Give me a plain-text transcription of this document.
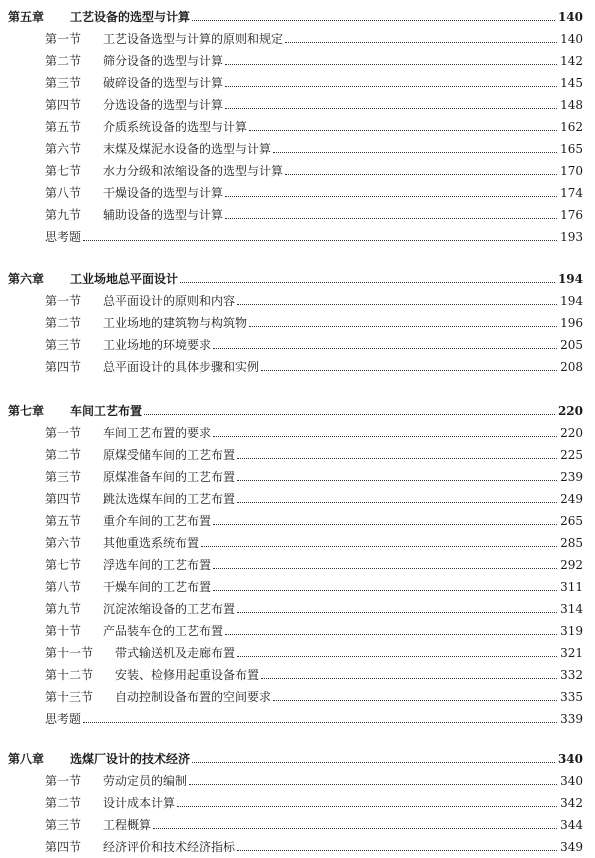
第五章	工艺设备的选型与计算	140
第一节	工艺设备选型与计算的原则和规定	140
第二节	筛分设备的选型与计算	142
第三节	破碎设备的选型与计算	145
第四节	分选设备的选型与计算	148
第五节	介质系统设备的选型与计算	162
第六节	末煤及煤泥水设备的选型与计算	165
第七节	水力分级和浓缩设备的选型与计算	170
第八节	干燥设备的选型与计算	174
第九节	辅助设备的选型与计算	176
思考题	193
第六章	工业场地总平面设计	194
第一节	总平面设计的原则和内容	194
第二节	工业场地的建筑物与构筑物	196
第三节	工业场地的环境要求	205
第四节	总平面设计的具体步骤和实例	208
第七章	车间工艺布置	220
第一节	车间工艺布置的要求	220
第二节	原煤受储车间的工艺布置	225
第三节	原煤准备车间的工艺布置	239
第四节	跳汰选煤车间的工艺布置	249
第五节	重介车间的工艺布置	265
第六节	其他重选系统布置	285
第七节	浮选车间的工艺布置	292
第八节	干燥车间的工艺布置	311
第九节	沉淀浓缩设备的工艺布置	314
第十节	产品装车仓的工艺布置	319
第十一节	带式输送机及走廊布置	321
第十二节	安装、检修用起重设备布置	332
第十三节	自动控制设备布置的空间要求	335
思考题	339
第八章	选煤厂设计的技术经济	340
第一节	劳动定员的编制	340
第二节	设计成本计算	342
第三节	工程概算	344
第四节	经济评价和技术经济指标	349
